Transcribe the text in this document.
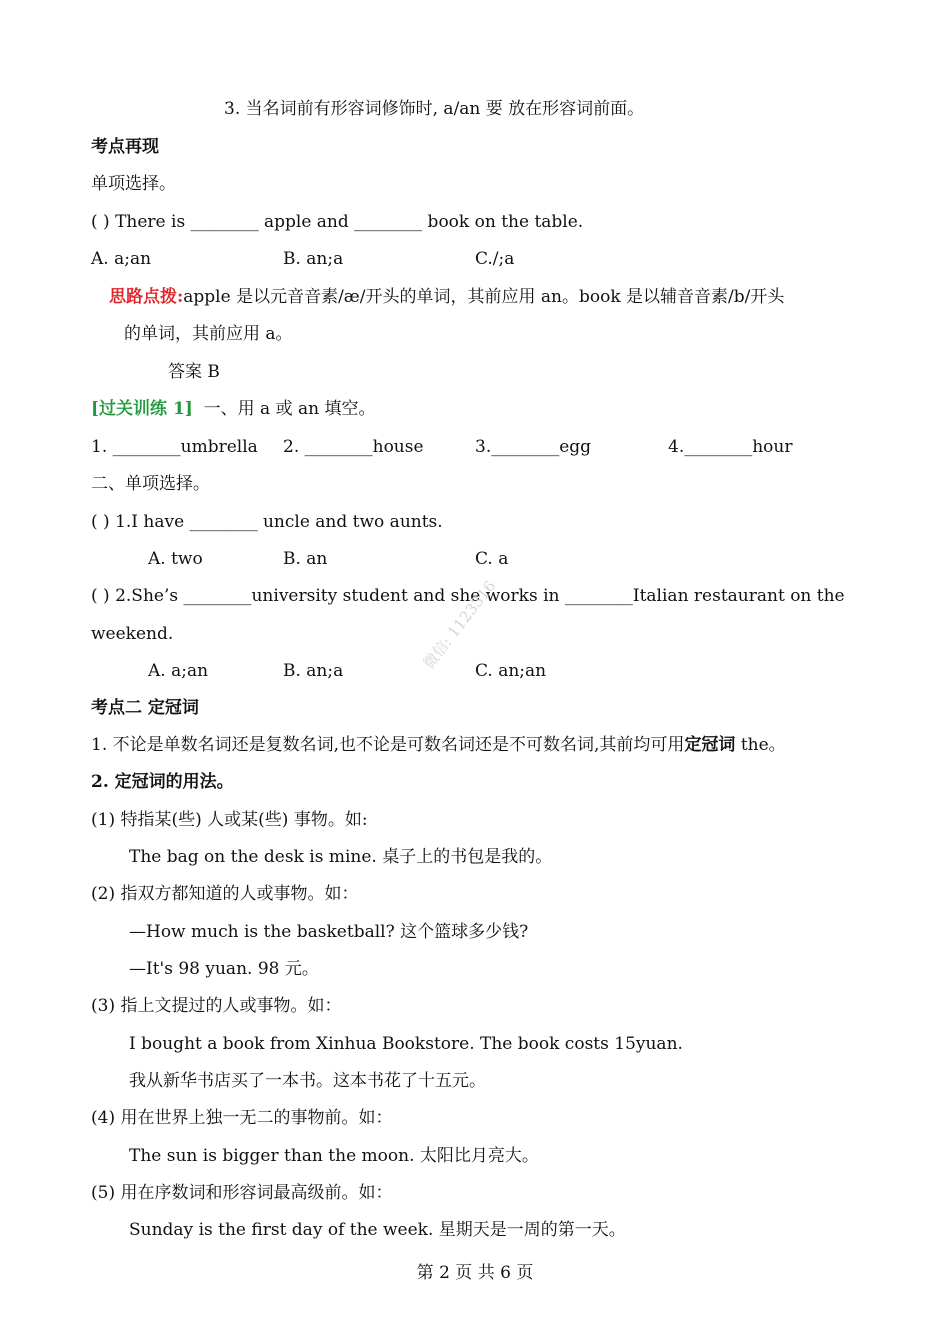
3. 当名词前有形容词修饰时, a/an 要 放在形容词前面。
考点再现
单项选择。
( ) There is ________ apple and ________ book on the table.
A. a;an	B. an;a	C./;a
思路点拨:apple 是以元音音素/æ/开头的单词，其前应用 an。book 是以辅音音素/b/开头
的单词，其前应用 a。
答案 B
[过关训练 1] 一、用 a 或 an 填空。
1. ________umbrella 2. ________house	3.________egg	4.________hour
二、单项选择。
( ) 1.I have ________ uncle and two aunts.
A. two	B. an	C. a
( ) 2.She’s ________university student and she works in ________Italian restaurant on the
weekend.
A. a;an	B. an;a	C. an;an
考点二 定冠词
1. 不论是单数名词还是复数名词,也不论是可数名词还是不可数名词,其前均可用定冠词 the。
2. 定冠词的用法。
(1) 特指某(些) 人或某(些) 事物。如:
The bag on the desk is mine. 桌子上的书包是我的。
(2) 指双方都知道的人或事物。如：
—How much is the basketball? 这个篮球多少钱?
—It's 98 yuan. 98 元。
(3) 指上文提过的人或事物。如：
I bought a book from Xinhua Bookstore. The book costs 15yuan.
我从新华书店买了一本书。这本书花了十五元。
(4) 用在世界上独一无二的事物前。如：
The sun is bigger than the moon. 太阳比月亮大。
(5) 用在序数词和形容词最高级前。如：
Sunday is the first day of the week. 星期天是一周的第一天。
微信: 1123316
第 2 页 共 6 页
